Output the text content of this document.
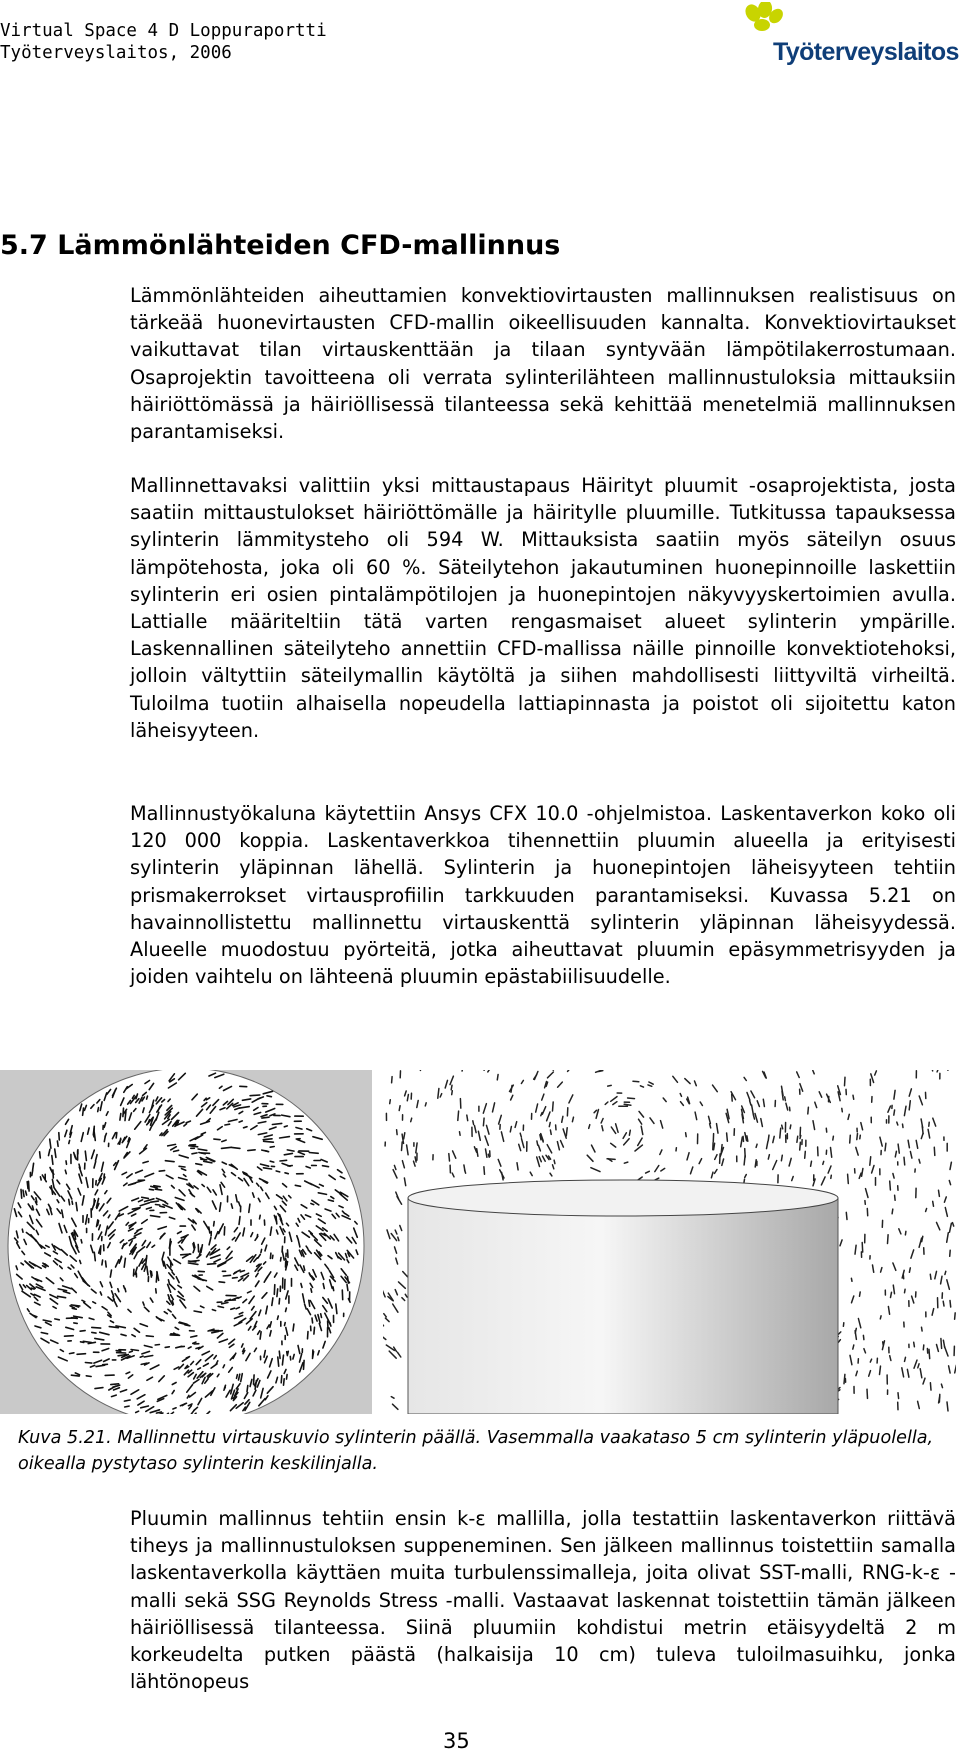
Virtual Space 4 D Loppuraportti
Työterveyslaitos, 2006	Työterveyslaitos
5.7 Lämmönlähteiden CFD-mallinnus

Lämmönlähteiden aiheuttamien konvektiovirtausten mallinnuksen realistisuus on tärkeää huonevirtausten CFD-mallin oikeellisuuden kannalta. Konvektiovirtaukset vaikuttavat tilan virtauskenttään ja tilaan syntyvään lämpötilakerrostumaan. Osaprojektin tavoitteena oli verrata sylinterilähteen mallinnustuloksia mittauksiin häiriöttömässä ja häiriöllisessä tilanteessa sekä kehittää menetelmiä mallinnuksen parantamiseksi.

Mallinnettavaksi valittiin yksi mittaustapaus Häirityt pluumit -osaprojektista, josta saatiin mittaustulokset häiriöttömälle ja häiritylle pluumille. Tutkitussa tapauksessa sylinterin lämmitysteho oli 594 W. Mittauksista saatiin myös säteilyn osuus lämpötehosta, joka oli 60 %. Säteilytehon jakautuminen huonepinnoille laskettiin sylinterin eri osien pintalämpötilojen ja huonepintojen näkyvyyskertoimien avulla. Lattialle määriteltiin tätä varten rengasmaiset alueet sylinterin ympärille. Laskennallinen säteilyteho annettiin CFD-mallissa näille pinnoille konvektiotehoksi, jolloin vältyttiin säteilymallin käytöltä ja siihen mahdollisesti liittyviltä virheiltä. Tuloilma tuotiin alhaisella nopeudella lattiapinnasta ja poistot oli sijoitettu katon läheisyyteen.

Mallinnustyökaluna käytettiin Ansys CFX 10.0 -ohjelmistoa. Laskentaverkon koko oli 120 000 koppia. Laskentaverkkoa tihennettiin pluumin alueella ja erityisesti sylinterin yläpinnan lähellä. Sylinterin ja huonepintojen läheisyyteen tehtiin prismakerrokset virtausprofiilin tarkkuuden parantamiseksi. Kuvassa 5.21 on havainnollistettu mallinnettu virtauskenttä sylinterin yläpinnan läheisyydessä. Alueelle muodostuu pyörteitä, jotka aiheuttavat pluumin epäsymmetrisyyden ja joiden vaihtelu on lähteenä pluumin epästabiilisuudelle.

Kuva 5.21. Mallinnettu virtauskuvio sylinterin päällä. Vasemmalla vaakataso 5 cm sylinterin yläpuolella, oikealla pystytaso sylinterin keskilinjalla.

Pluumin mallinnus tehtiin ensin k-ε mallilla, jolla testattiin laskentaverkon riittävä tiheys ja mallinnustuloksen suppeneminen. Sen jälkeen mallinnus toistettiin samalla laskentaverkolla käyttäen muita turbulenssimalleja, joita olivat SST-malli, RNG-k-ε -malli sekä SSG Reynolds Stress -malli. Vastaavat laskennat toistettiin tämän jälkeen häiriöllisessä tilanteessa. Siinä pluumiin kohdistui metrin etäisyydeltä 2 m korkeudelta putken päästä (halkaisija 10 cm) tuleva tuloilmasuihku, jonka lähtönopeus

35
